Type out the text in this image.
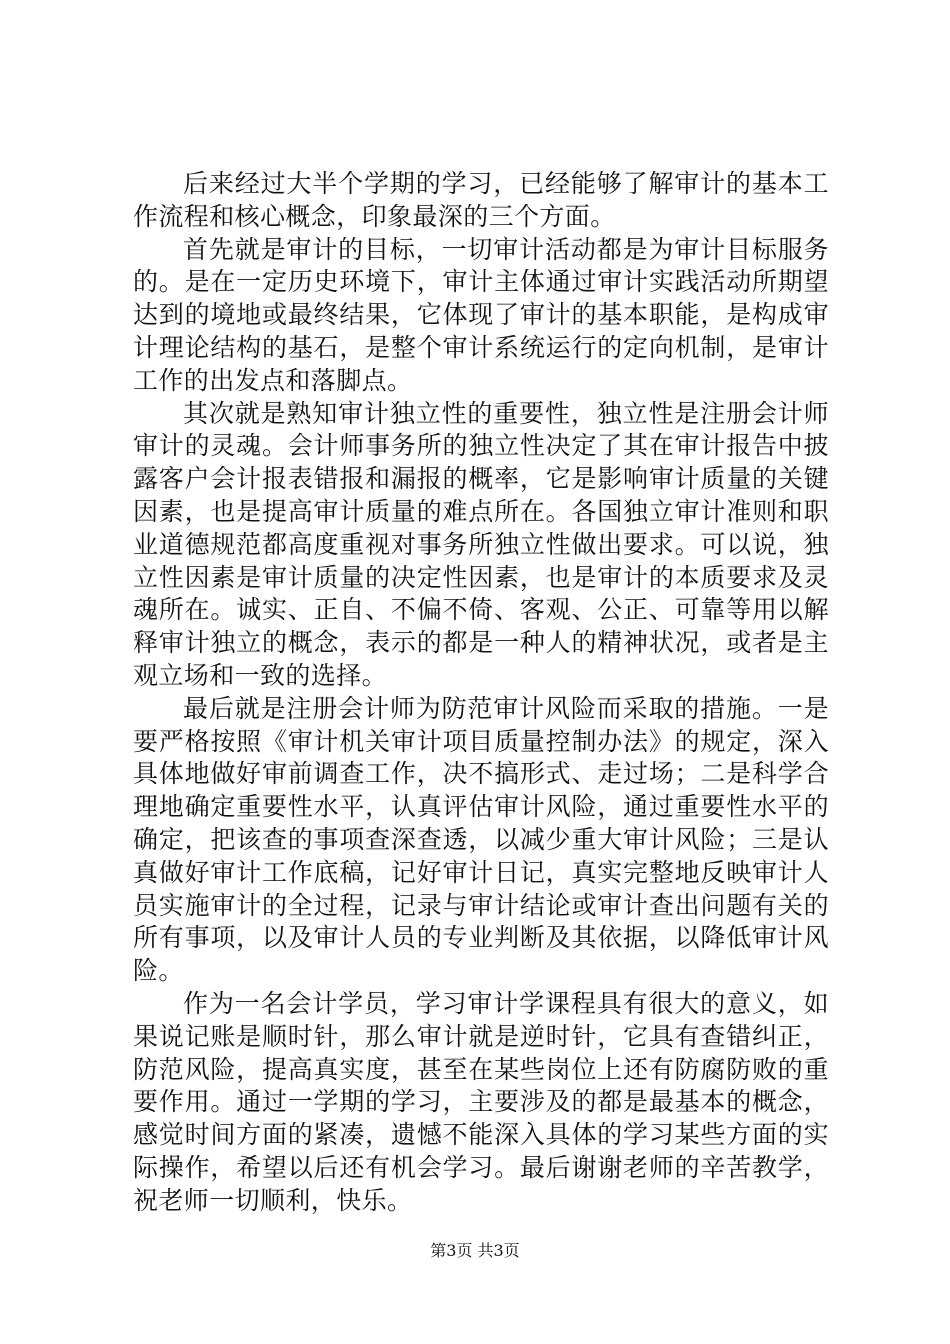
后来经过大半个学期的学习，已经能够了解审计的基本工作流程和核心概念，印象最深的三个方面。

首先就是审计的目标，一切审计活动都是为审计目标服务的。是在一定历史环境下，审计主体通过审计实践活动所期望达到的境地或最终结果，它体现了审计的基本职能，是构成审计理论结构的基石，是整个审计系统运行的定向机制，是审计工作的出发点和落脚点。

其次就是熟知审计独立性的重要性，独立性是注册会计师审计的灵魂。会计师事务所的独立性决定了其在审计报告中披露客户会计报表错报和漏报的概率，它是影响审计质量的关键因素，也是提高审计质量的难点所在。各国独立审计准则和职业道德规范都高度重视对事务所独立性做出要求。可以说，独立性因素是审计质量的决定性因素，也是审计的本质要求及灵魂所在。诚实、正自、不偏不倚、客观、公正、可靠等用以解释审计独立的概念，表示的都是一种人的精神状况，或者是主观立场和一致的选择。

最后就是注册会计师为防范审计风险而采取的措施。一是要严格按照《审计机关审计项目质量控制办法》的规定，深入具体地做好审前调查工作，决不搞形式、走过场；二是科学合理地确定重要性水平，认真评估审计风险，通过重要性水平的确定，把该查的事项查深查透，以减少重大审计风险；三是认真做好审计工作底稿，记好审计日记，真实完整地反映审计人员实施审计的全过程，记录与审计结论或审计查出问题有关的所有事项，以及审计人员的专业判断及其依据，以降低审计风险。

作为一名会计学员，学习审计学课程具有很大的意义，如果说记账是顺时针，那么审计就是逆时针，它具有查错纠正，防范风险，提高真实度，甚至在某些岗位上还有防腐防败的重要作用。通过一学期的学习，主要涉及的都是最基本的概念，感觉时间方面的紧凑，遗憾不能深入具体的学习某些方面的实际操作，希望以后还有机会学习。最后谢谢老师的辛苦教学，祝老师一切顺利，快乐。

第3页 共3页
